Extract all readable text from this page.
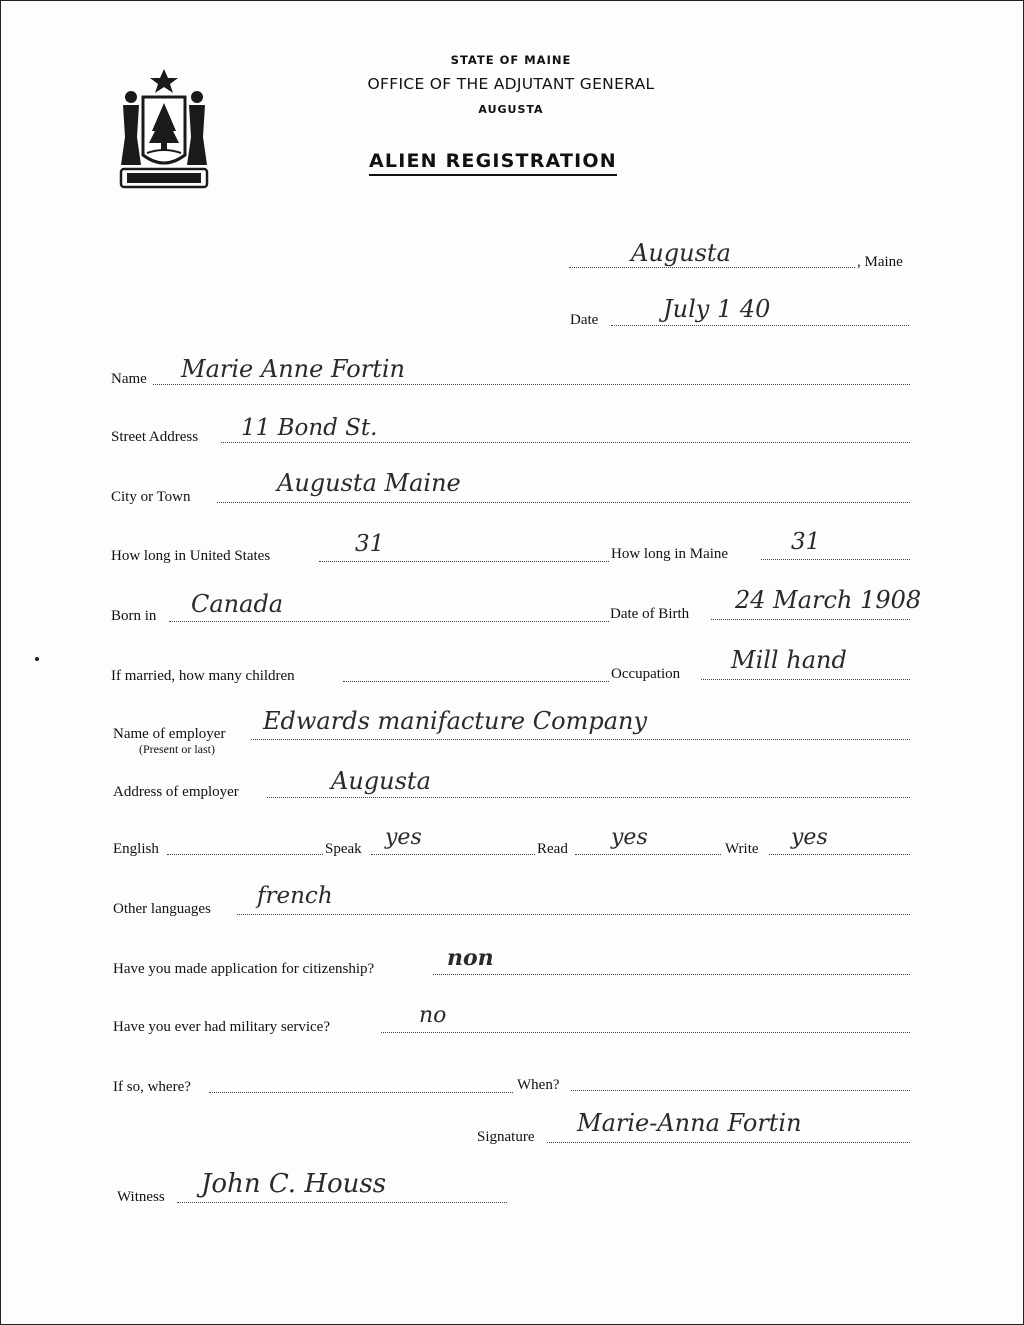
STATE OF MAINE
OFFICE OF THE ADJUTANT GENERAL
AUGUSTA
ALIEN REGISTRATION
Augusta	, Maine
Date	July 1 40
Name Marie Anne Fortin
Street Address 11 Bond St.
City or Town	Augusta Maine
How long in United States	31	How long in Maine	31
Born in Canada	Date of Birth 24 March 1908
If married, how many children	Occupation Mill hand
Name of employer
(Present or last)
Edwards manifacture Company
Address of employer	Augusta
English	Speak yes	Read yes	Write yes
Other languages french
Have you made application for citizenship?	non
Have you ever had military service?	no
If so, where?	When?
Signature Marie-Anna Fortin
Witness John C. Houss
